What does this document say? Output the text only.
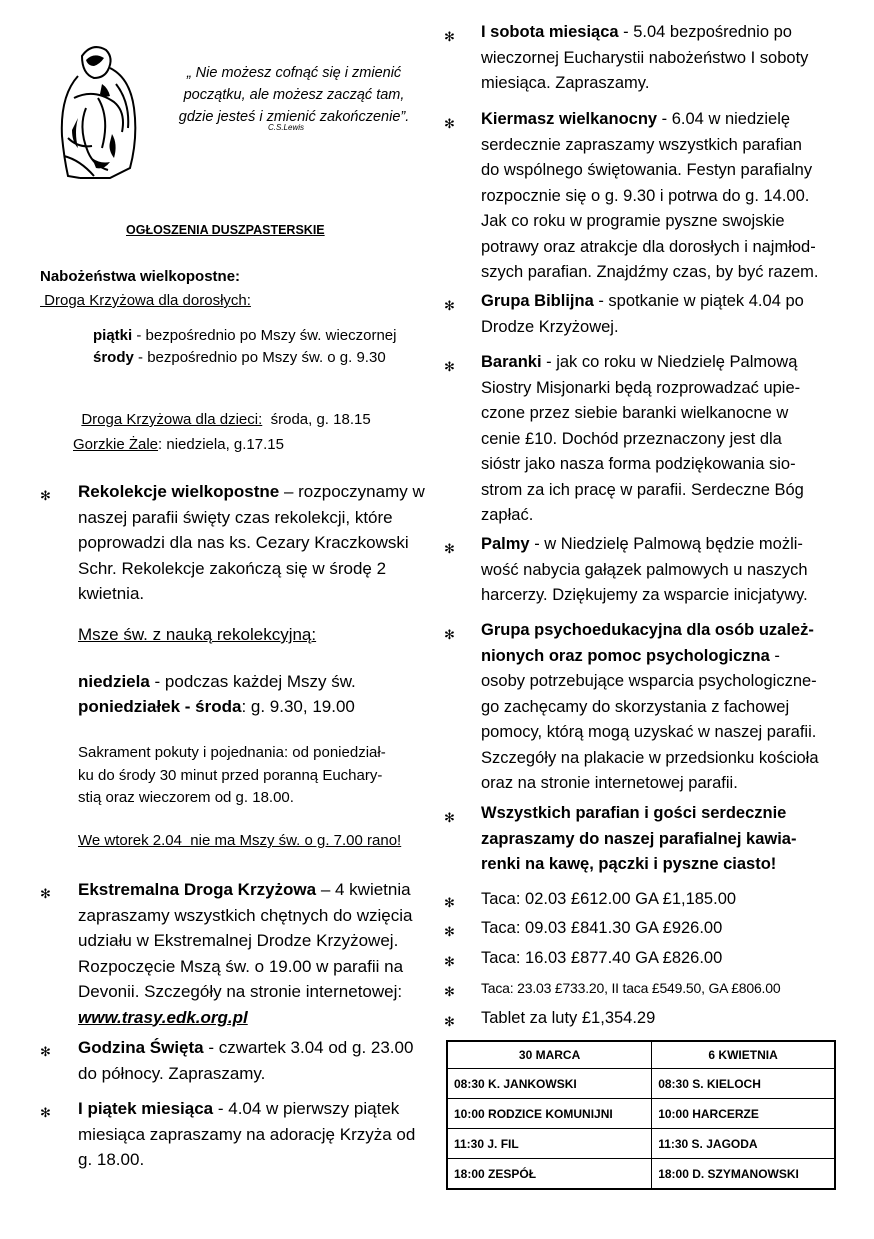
„ Nie możesz cofnąć się i zmienić
początku, ale możesz zacząć tam,
gdzie jesteś i zmienić zakończenie”.
C.S.Lewis
OGŁOSZENIA DUSZPASTERSKIE
Nabożeństwa wielkopostne:
Droga Krzyżowa dla dorosłych:
piątki - bezpośrednio po Mszy św. wieczornej
środy - bezpośrednio po Mszy św. o g. 9.30

Droga Krzyżowa dla dzieci:  środa, g. 18.15

Gorzkie Żale: niedziela, g.17.15
✻ Rekolekcje wielkopostne – rozpoczynamy w
naszej parafii święty czas rekolekcji, które
poprowadzi dla nas ks. Cezary Kraczkowski
Schr. Rekolekcje zakończą się w środę 2
kwietnia.
Msze św. z nauką rekolekcyjną:
niedziela - podczas każdej Mszy św.
poniedziałek - środa: g. 9.30, 19.00
Sakrament pokuty i pojednania: od poniedział-
ku do środy 30 minut przed poranną Euchary-
stią oraz wieczorem od g. 18.00.
We wtorek 2.04  nie ma Mszy św. o g. 7.00 rano!
✻ Ekstremalna Droga Krzyżowa – 4 kwietnia
zapraszamy wszystkich chętnych do wzięcia
udziału w Ekstremalnej Drodze Krzyżowej.
Rozpoczęcie Mszą św. o 19.00 w parafii na
Devonii. Szczegóły na stronie internetowej:
www.trasy.edk.org.pl
✻ Godzina Święta - czwartek 3.04 od g. 23.00
do północy. Zapraszamy.
✻ I piątek miesiąca - 4.04 w pierwszy piątek
miesiąca zapraszamy na adorację Krzyża od
g. 18.00.
✻ I sobota miesiąca - 5.04 bezpośrednio po
wieczornej Eucharystii nabożeństwo I soboty
miesiąca. Zapraszamy.
✻ Kiermasz wielkanocny - 6.04 w niedzielę
serdecznie zapraszamy wszystkich parafian
do wspólnego świętowania. Festyn parafialny
rozpocznie się o g. 9.30 i potrwa do g. 14.00.
Jak co roku w programie pyszne swojskie
potrawy oraz atrakcje dla dorosłych i najmłod-
szych parafian. Znajdźmy czas, by być razem.
✻ Grupa Biblijna - spotkanie w piątek 4.04 po
Drodze Krzyżowej.
✻ Baranki - jak co roku w Niedzielę Palmową
Siostry Misjonarki będą rozprowadzać upie-
czone przez siebie baranki wielkanocne w
cenie £10. Dochód przeznaczony jest dla
sióstr jako nasza forma podziękowania sio-
strom za ich pracę w parafii. Serdeczne Bóg
zapłać.
✻ Palmy - w Niedzielę Palmową będzie możli-
wość nabycia gałązek palmowych u naszych
harcerzy. Dziękujemy za wsparcie inicjatywy.
✻ Grupa psychoedukacyjna dla osób uzależ-
nionych oraz pomoc psychologiczna -
osoby potrzebujące wsparcia psychologiczne-
go zachęcamy do skorzystania z fachowej
pomocy, którą mogą uzyskać w naszej parafii.
Szczegóły na plakacie w przedsionku kościoła
oraz na stronie internetowej parafii.
✻ Wszystkich parafian i gości serdecznie
zapraszamy do naszej parafialnej kawia-
renki na kawę, pączki i pyszne ciasto!
✻ Taca: 02.03 £612.00 GA £1,185.00
✻ Taca: 09.03 £841.30 GA £926.00
✻ Taca: 16.03 £877.40 GA £826.00
✻ Taca: 23.03 £733.20, II taca £549.50, GA £806.00
✻ Tablet za luty £1,354.29
30 MARCA	6 KWIETNIA
08:30 K. JANKOWSKI	08:30 S. KIELOCH
10:00 RODZICE KOMUNIJNI	10:00 HARCERZE
11:30 J. FIL	11:30 S. JAGODA
18:00 ZESPÓŁ	18:00 D. SZYMANOWSKI
